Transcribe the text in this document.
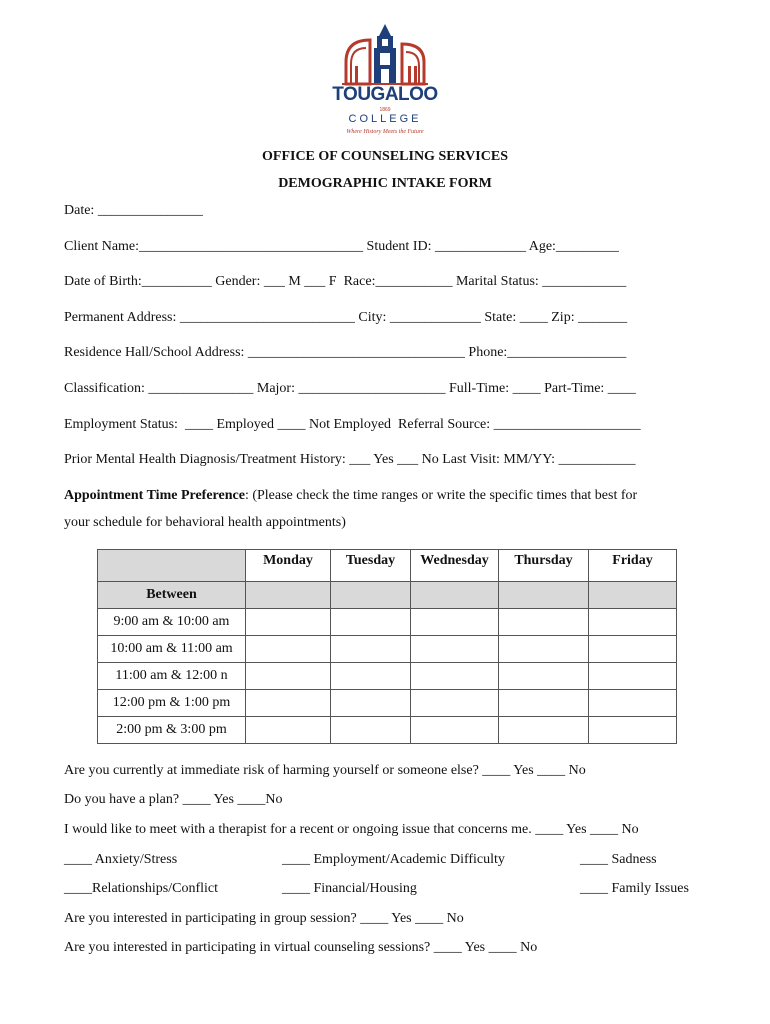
TOUGALOO
1869
COLLEGE
Where History Meets the Future
OFFICE OF COUNSELING SERVICES
DEMOGRAPHIC INTAKE FORM
Date: _______________
Client Name:________________________________ Student ID: _____________ Age:_________
Date of Birth:__________ Gender: ___ M ___ F  Race:___________ Marital Status: ____________
Permanent Address: _________________________ City: _____________ State: ____ Zip: _______
Residence Hall/School Address: _______________________________ Phone:_________________
Classification: _______________ Major: _____________________ Full-Time: ____ Part-Time: ____
Employment Status:  ____ Employed ____ Not Employed  Referral Source: _____________________
Prior Mental Health Diagnosis/Treatment History: ___ Yes ___ No Last Visit: MM/YY: ___________
Appointment Time Preference: (Please check the time ranges or write the specific times that best for
your schedule for behavioral health appointments)
	Monday	Tuesday	Wednesday	Thursday	Friday
Between					
9:00 am & 10:00 am					
10:00 am & 11:00 am					
11:00 am & 12:00 n					
12:00 pm & 1:00 pm					
2:00 pm & 3:00 pm					
Are you currently at immediate risk of harming yourself or someone else? ____ Yes ____ No
Do you have a plan? ____ Yes ____No
I would like to meet with a therapist for a recent or ongoing issue that concerns me. ____ Yes ____ No
____ Anxiety/Stress	____ Employment/Academic Difficulty	____ Sadness
____Relationships/Conflict	____ Financial/Housing	____ Family Issues
Are you interested in participating in group session? ____ Yes ____ No
Are you interested in participating in virtual counseling sessions? ____ Yes ____ No
